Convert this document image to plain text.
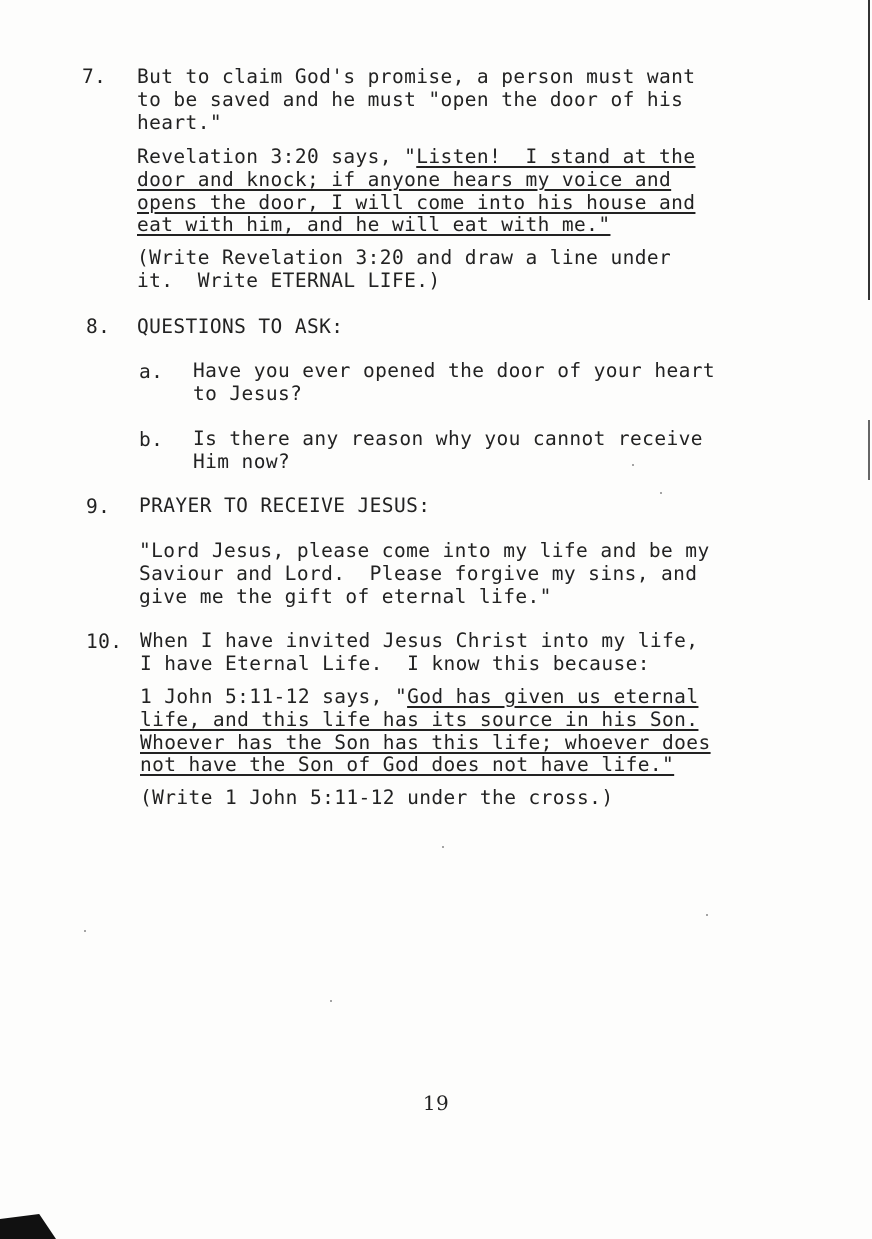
7. But to claim God's promise, a person must want
to be saved and he must "open the door of his
heart."
Revelation 3:20 says, "Listen!  I stand at the
door and knock; if anyone hears my voice and
opens the door, I will come into his house and
eat with him, and he will eat with me."
(Write Revelation 3:20 and draw a line under
it.  Write ETERNAL LIFE.)
8. QUESTIONS TO ASK:
a. Have you ever opened the door of your heart
to Jesus?
b. Is there any reason why you cannot receive
Him now?
9. PRAYER TO RECEIVE JESUS:
"Lord Jesus, please come into my life and be my
Saviour and Lord.  Please forgive my sins, and
give me the gift of eternal life."
10. When I have invited Jesus Christ into my life,
I have Eternal Life.  I know this because:
1 John 5:11-12 says, "God has given us eternal
life, and this life has its source in his Son.
Whoever has the Son has this life; whoever does
not have the Son of God does not have life."
(Write 1 John 5:11-12 under the cross.)
19
